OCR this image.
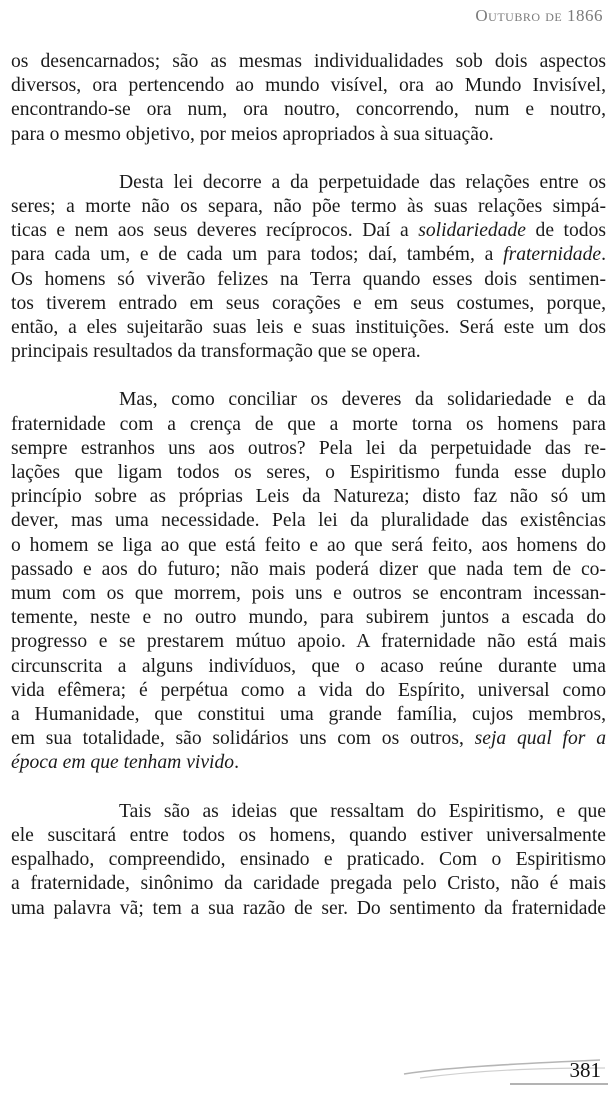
Outubro de 1866

os desencarnados; são as mesmas individualidades sob dois aspectos
diversos, ora pertencendo ao mundo visível, ora ao Mundo Invisível,
encontrando-se ora num, ora noutro, concorrendo, num e noutro,
para o mesmo objetivo, por meios apropriados à sua situação.

Desta lei decorre a da perpetuidade das relações entre os
seres; a morte não os separa, não põe termo às suas relações simpá-
ticas e nem aos seus deveres recíprocos. Daí a solidariedade de todos
para cada um, e de cada um para todos; daí, também, a fraternidade.
Os homens só viverão felizes na Terra quando esses dois sentimen-
tos tiverem entrado em seus corações e em seus costumes, porque,
então, a eles sujeitarão suas leis e suas instituições. Será este um dos
principais resultados da transformação que se opera.

Mas, como conciliar os deveres da solidariedade e da
fraternidade com a crença de que a morte torna os homens para
sempre estranhos uns aos outros? Pela lei da perpetuidade das re-
lações que ligam todos os seres, o Espiritismo funda esse duplo
princípio sobre as próprias Leis da Natureza; disto faz não só um
dever, mas uma necessidade. Pela lei da pluralidade das existências
o homem se liga ao que está feito e ao que será feito, aos homens do
passado e aos do futuro; não mais poderá dizer que nada tem de co-
mum com os que morrem, pois uns e outros se encontram incessan-
temente, neste e no outro mundo, para subirem juntos a escada do
progresso e se prestarem mútuo apoio. A fraternidade não está mais
circunscrita a alguns indivíduos, que o acaso reúne durante uma
vida efêmera; é perpétua como a vida do Espírito, universal como
a Humanidade, que constitui uma grande família, cujos membros,
em sua totalidade, são solidários uns com os outros, seja qual for a
época em que tenham vivido.

Tais são as ideias que ressaltam do Espiritismo, e que
ele suscitará entre todos os homens, quando estiver universalmente
espalhado, compreendido, ensinado e praticado. Com o Espiritismo
a fraternidade, sinônimo da caridade pregada pelo Cristo, não é mais
uma palavra vã; tem a sua razão de ser. Do sentimento da fraternidade

381
